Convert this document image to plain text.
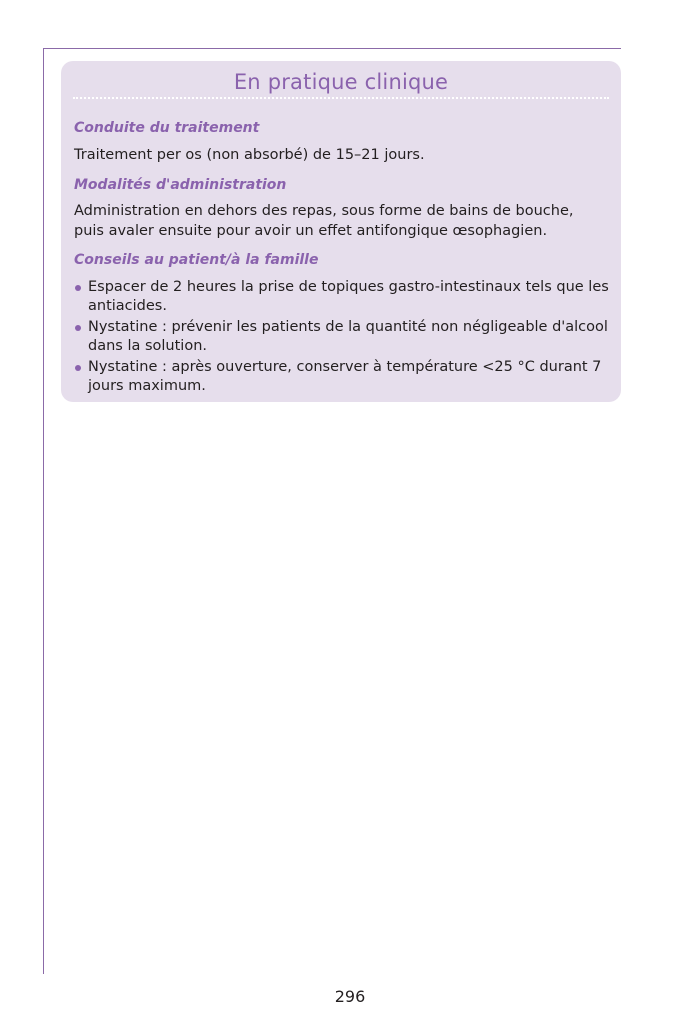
En pratique clinique
Conduite du traitement
Traitement per os (non absorbé) de 15–21 jours.
Modalités d'administration
Administration en dehors des repas, sous forme de bains de bouche, puis avaler ensuite pour avoir un effet antifongique œsophagien.
Conseils au patient/à la famille
Espacer de 2 heures la prise de topiques gastro-intestinaux tels que les antiacides.
Nystatine : prévenir les patients de la quantité non négligeable d'alcool dans la solution.
Nystatine : après ouverture, conserver à température <25 °C durant 7 jours maximum.
296
